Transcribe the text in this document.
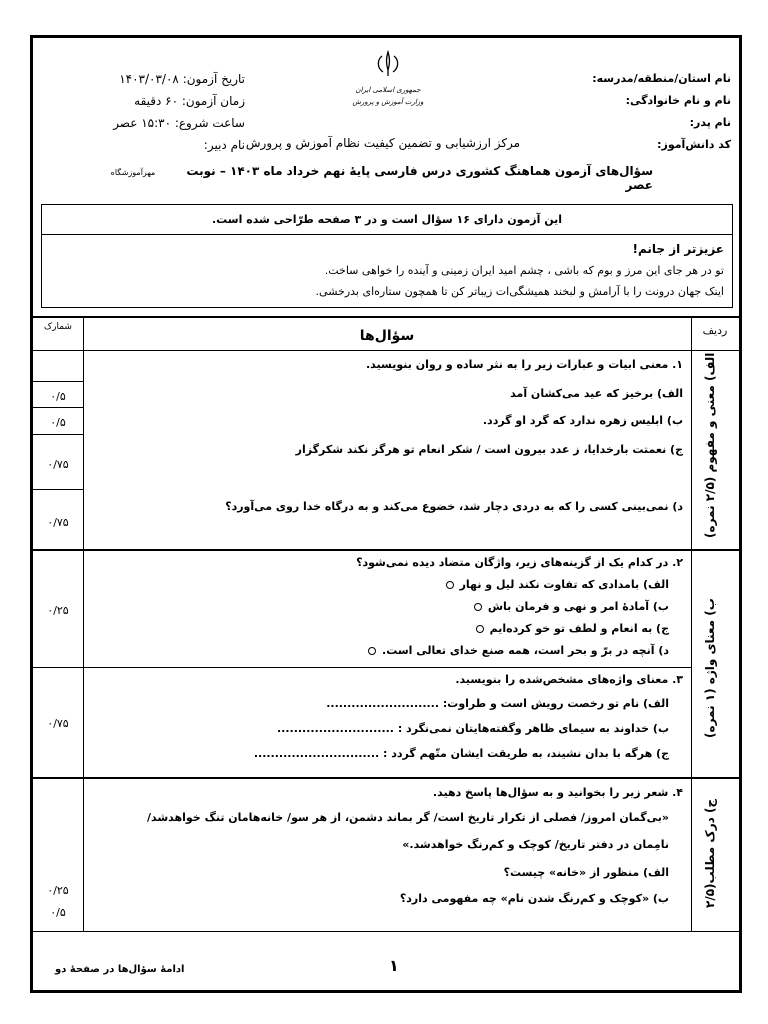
تاریخ آزمون: ۱۴۰۳/۰۳/۰۸
زمان آزمون: ۶۰ دقیقه
ساعت شروع: ۱۵:۳۰ عصر
نام دبیر:
جمهوری اسلامی ایران
وزارت آموزش و پرورش
نام استان/منطقه/مدرسه:
نام و نام خانوادگی:
نام پدر:
کد دانش‌آموز:
مرکز ارزشیابی و تضمین کیفیت نظام آموزش و پرورش
سؤال‌های آزمون هماهنگ کشوری درس فارسی پایهٔ نهم خرداد ماه ۱۴۰۳ – نوبت عصر
مهرآموزشگاه
این آزمون دارای ۱۶ سؤال است و در ۳ صفحه طرّاحی شده است.
عزیزتر از جانم!
تو در هر جای این مرز و بوم که باشی ، چشم امید ایران زمینی و آینده را خواهی ساخت.
اینک جهان درونت را با آرامش و لبخند همیشگی‌ات زیباتر کن تا همچون ستاره‌ای بدرخشی.
شمارک
سؤال‌ها	ردیف
الف) معنی و مفهوم (۲/۵ نمره)
ب) معنای واژه (۱ نمره)
ج) درک مطلب(۲/۵
۱. معنی ابیات و عبارات زیر را به نثر ساده و روان بنویسید.
الف) برخیز که عید می‌کشان آمد
ب) ابلیس زهره ندارد که گرد او گردد.
ج) نعمتت بارخدایا، ز عدد بیرون است / شکر انعام تو هرگز نکند شکرگزار
د) نمی‌بینی کسی را که به دردی دچار شد، خضوع می‌کند و به درگاه خدا روی می‌آورد؟
۰/۵
۰/۵
۰/۷۵
۰/۷۵
۲. در کدام یک از گزینه‌های زیر، واژگان متضاد دیده نمی‌شود؟
الف) بامدادی که تفاوت نکند لیل و نهار
ب) آمادهٔ امر و نهی و فرمان باش
ج) به انعام و لطف تو خو کرده‌ایم
د) آنچه در برّ و بحر است، همه صنع خدای تعالی است.
۰/۲۵
۳. معنای واژه‌های مشخص‌شده را بنویسید.
الف) نام تو رخصت رویش است و طراوت: ...........................
ب) خداوند به سیمای ظاهر وگفته‌هایتان نمی‌نگرد : ............................
ج) هرگه با بدان نشیند، به طریقت ایشان متّهم گردد : ..............................
۰/۷۵
۴. شعر زیر را بخوانید و به سؤال‌ها پاسخ دهید.
«بی‌گمان امروز/ فصلی از تکرار تاریخ است/ گر بماند دشمن، از هر سو/ خانه‌هامان تنگ خواهدشد/
نامِمان در دفتر تاریخ/ کوچک و کم‌رنگ خواهدشد.»
الف) منظور از «خانه» چیست؟
ب) «کوچک و کم‌رنگ شدن نام» چه مفهومی دارد؟
۰/۲۵
۰/۵
ادامهٔ سؤال‌ها در صفحهٔ دو	۱
